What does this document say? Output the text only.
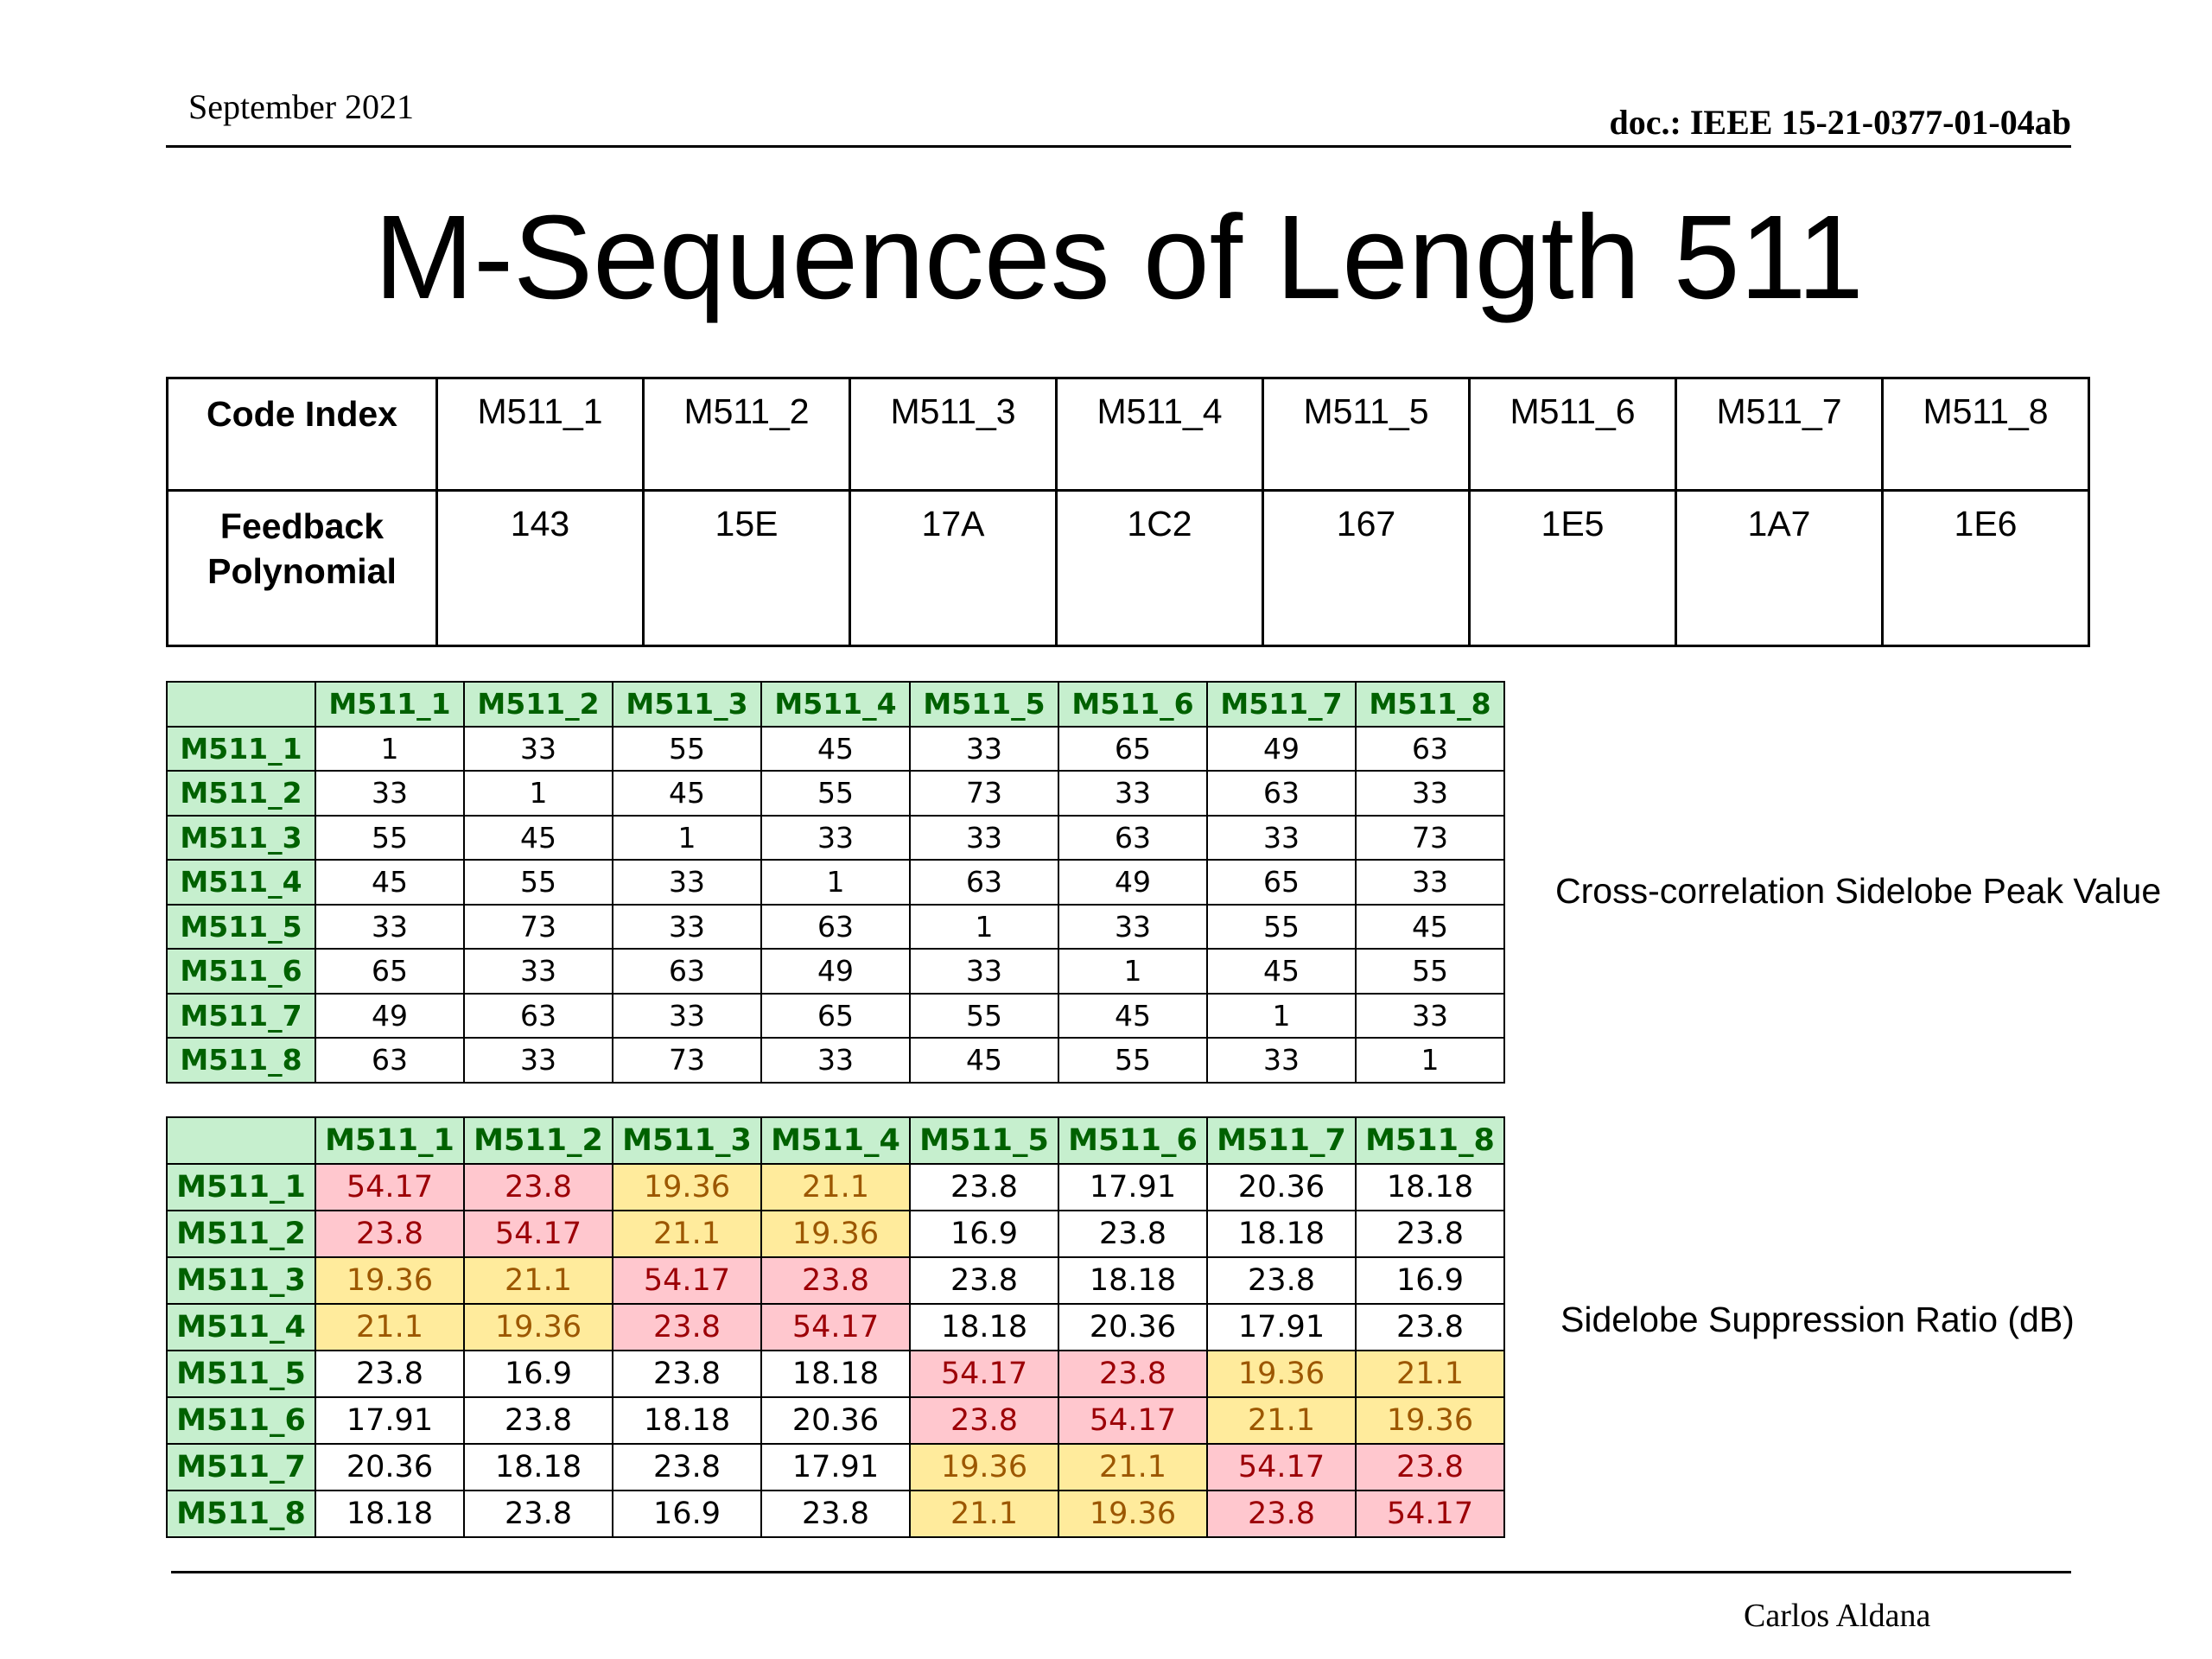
September 2021	doc.: IEEE 15-21-0377-01-04ab
M-Sequences of Length 511
Code Index	M511_1	M511_2	M511_3	M511_4	M511_5	M511_6	M511_7	M511_8
Feedback Polynomial	143	15E	17A	1C2	167	1E5	1A7	1E6
	M511_1	M511_2	M511_3	M511_4	M511_5	M511_6	M511_7	M511_8
M511_1	1	33	55	45	33	65	49	63
M511_2	33	1	45	55	73	33	63	33
M511_3	55	45	1	33	33	63	33	73
M511_4	45	55	33	1	63	49	65	33
M511_5	33	73	33	63	1	33	55	45
M511_6	65	33	63	49	33	1	45	55
M511_7	49	63	33	65	55	45	1	33
M511_8	63	33	73	33	45	55	33	1
Cross-correlation Sidelobe Peak Value
	M511_1	M511_2	M511_3	M511_4	M511_5	M511_6	M511_7	M511_8
M511_1	54.17	23.8	19.36	21.1	23.8	17.91	20.36	18.18
M511_2	23.8	54.17	21.1	19.36	16.9	23.8	18.18	23.8
M511_3	19.36	21.1	54.17	23.8	23.8	18.18	23.8	16.9
M511_4	21.1	19.36	23.8	54.17	18.18	20.36	17.91	23.8
M511_5	23.8	16.9	23.8	18.18	54.17	23.8	19.36	21.1
M511_6	17.91	23.8	18.18	20.36	23.8	54.17	21.1	19.36
M511_7	20.36	18.18	23.8	17.91	19.36	21.1	54.17	23.8
M511_8	18.18	23.8	16.9	23.8	21.1	19.36	23.8	54.17
Sidelobe Suppression Ratio (dB)
Carlos Aldana
